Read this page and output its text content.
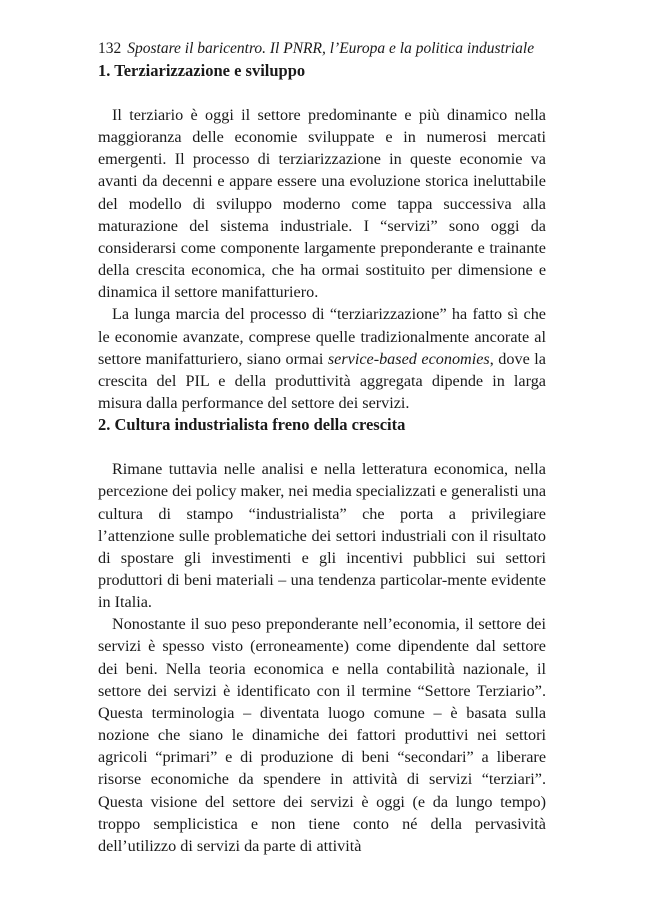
132 Spostare il baricentro. Il PNRR, l’Europa e la politica industriale
1. Terziarizzazione e sviluppo

Il terziario è oggi il settore predominante e più dinamico nella maggioranza delle economie sviluppate e in numerosi mercati emergenti. Il processo di terziarizzazione in queste economie va avanti da decenni e appare essere una evoluzione storica ineluttabile del modello di sviluppo moderno come tappa successiva alla maturazione del sistema industriale. I “servizi” sono oggi da considerarsi come componente largamente preponderante e trainante della crescita economica, che ha ormai sostituito per dimensione e dinamica il settore manifatturiero.

La lunga marcia del processo di “terziarizzazione” ha fatto sì che le economie avanzate, comprese quelle tradizionalmente ancorate al settore manifatturiero, siano ormai service-based economies, dove la crescita del PIL e della produttività aggregata dipende in larga misura dalla performance del settore dei servizi.

2. Cultura industrialista freno della crescita

Rimane tuttavia nelle analisi e nella letteratura economica, nella percezione dei policy maker, nei media specializzati e generalisti una cultura di stampo “industrialista” che porta a privilegiare l’attenzione sulle problematiche dei settori industriali con il risultato di spostare gli investimenti e gli incentivi pubblici sui settori produttori di beni materiali – una tendenza particolar-mente evidente in Italia.

Nonostante il suo peso preponderante nell’economia, il settore dei servizi è spesso visto (erroneamente) come dipendente dal settore dei beni. Nella teoria economica e nella contabilità nazionale, il settore dei servizi è identificato con il termine “Settore Terziario”. Questa terminologia – diventata luogo comune – è basata sulla nozione che siano le dinamiche dei fattori produttivi nei settori agricoli “primari” e di produzione di beni “secondari” a liberare risorse economiche da spendere in attività di servizi “terziari”. Questa visione del settore dei servizi è oggi (e da lungo tempo) troppo semplicistica e non tiene conto né della pervasività dell’utilizzo di servizi da parte di attività
